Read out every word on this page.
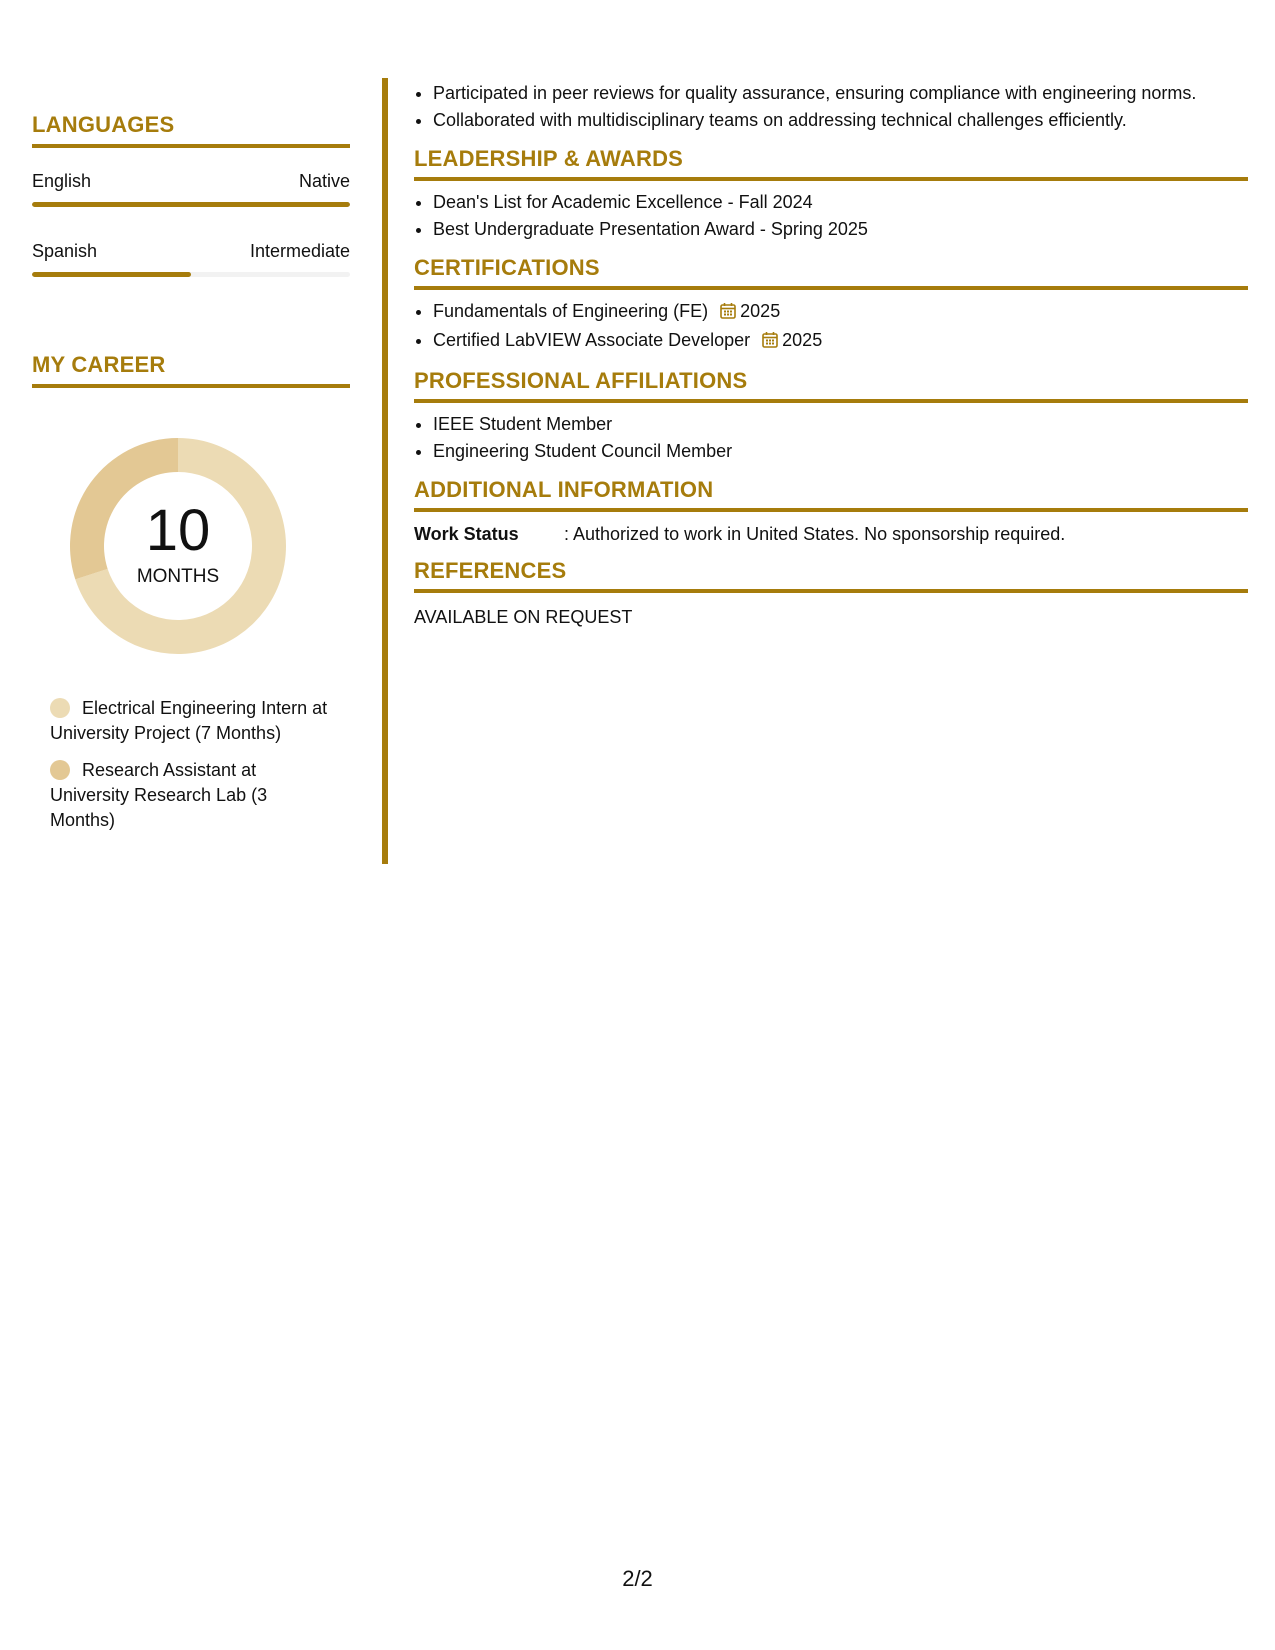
LANGUAGES
English	Native
Spanish	Intermediate
MY CAREER
10
MONTHS
Electrical Engineering Intern at University Project (7 Months)
Research Assistant at University Research Lab (3 Months)
• Participated in peer reviews for quality assurance, ensuring compliance with engineering norms.
• Collaborated with multidisciplinary teams on addressing technical challenges efficiently.
LEADERSHIP & AWARDS
• Dean's List for Academic Excellence - Fall 2024
• Best Undergraduate Presentation Award - Spring 2025
CERTIFICATIONS
• Fundamentals of Engineering (FE) 2025
• Certified LabVIEW Associate Developer 2025
PROFESSIONAL AFFILIATIONS
• IEEE Student Member
• Engineering Student Council Member
ADDITIONAL INFORMATION
Work Status	: Authorized to work in United States. No sponsorship required.
REFERENCES
AVAILABLE ON REQUEST
2/2
